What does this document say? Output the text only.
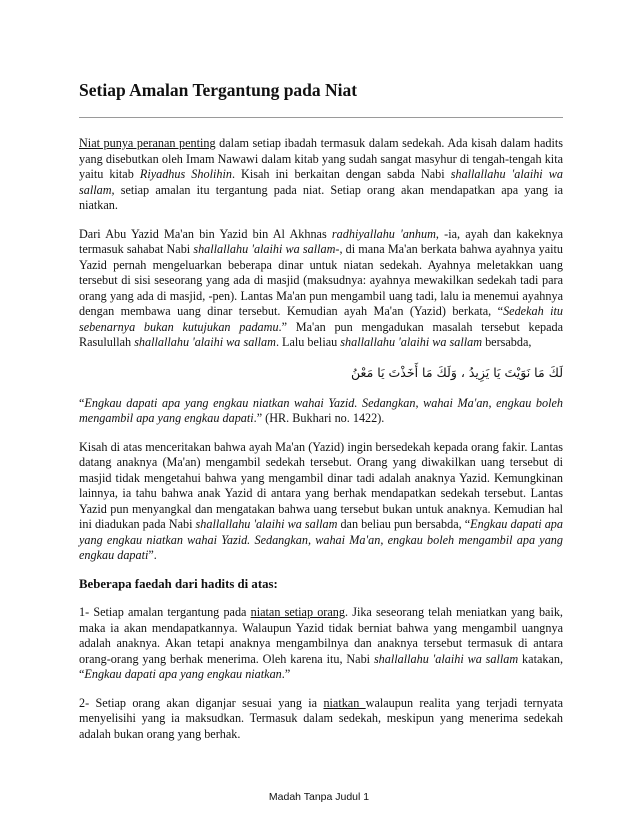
Setiap Amalan Tergantung pada Niat

Niat punya peranan penting dalam setiap ibadah termasuk dalam sedekah. Ada kisah dalam hadits yang disebutkan oleh Imam Nawawi dalam kitab yang sudah sangat masyhur di tengah-tengah kita yaitu kitab Riyadhus Sholihin. Kisah ini berkaitan dengan sabda Nabi shallallahu 'alaihi wa sallam, setiap amalan itu tergantung pada niat. Setiap orang akan mendapatkan apa yang ia niatkan.

Dari Abu Yazid Ma'an bin Yazid bin Al Akhnas radhiyallahu 'anhum, -ia, ayah dan kakeknya termasuk sahabat Nabi shallallahu 'alaihi wa sallam-, di mana Ma'an berkata bahwa ayahnya yaitu Yazid pernah mengeluarkan beberapa dinar untuk niatan sedekah. Ayahnya meletakkan uang tersebut di sisi seseorang yang ada di masjid (maksudnya: ayahnya mewakilkan sedekah tadi para orang yang ada di masjid, -pen). Lantas Ma'an pun mengambil uang tadi, lalu ia menemui ayahnya dengan membawa uang dinar tersebut. Kemudian ayah Ma'an (Yazid) berkata, “Sedekah itu sebenarnya bukan kutujukan padamu.” Ma'an pun mengadukan masalah tersebut kepada Rasulullah shallallahu 'alaihi wa sallam. Lalu beliau shallallahu 'alaihi wa sallam bersabda,

لَكَ مَا نَوَيْتَ يَا يَزِيدُ ، وَلَكَ مَا أَخَذْتَ يَا مَعْنُ

“Engkau dapati apa yang engkau niatkan wahai Yazid. Sedangkan, wahai Ma'an, engkau boleh mengambil apa yang engkau dapati.” (HR. Bukhari no. 1422).

Kisah di atas menceritakan bahwa ayah Ma'an (Yazid) ingin bersedekah kepada orang fakir. Lantas datang anaknya (Ma'an) mengambil sedekah tersebut. Orang yang diwakilkan uang tersebut di masjid tidak mengetahui bahwa yang mengambil dinar tadi adalah anaknya Yazid. Kemungkinan lainnya, ia tahu bahwa anak Yazid di antara yang berhak mendapatkan sedekah tersebut. Lantas Yazid pun menyangkal dan mengatakan bahwa uang tersebut bukan untuk anaknya. Kemudian hal ini diadukan pada Nabi shallallahu 'alaihi wa sallam dan beliau pun bersabda, “Engkau dapati apa yang engkau niatkan wahai Yazid. Sedangkan, wahai Ma'an, engkau boleh mengambil apa yang engkau dapati”.

Beberapa faedah dari hadits di atas:

1- Setiap amalan tergantung pada niatan setiap orang. Jika seseorang telah meniatkan yang baik, maka ia akan mendapatkannya. Walaupun Yazid tidak berniat bahwa yang mengambil uangnya adalah anaknya. Akan tetapi anaknya mengambilnya dan anaknya tersebut termasuk di antara orang-orang yang berhak menerima. Oleh karena itu, Nabi shallallahu 'alaihi wa sallam katakan, “Engkau dapati apa yang engkau niatkan.”

2- Setiap orang akan diganjar sesuai yang ia niatkan walaupun realita yang terjadi ternyata menyelisihi yang ia maksudkan. Termasuk dalam sedekah, meskipun yang menerima sedekah adalah bukan orang yang berhak.

Madah Tanpa Judul 1
